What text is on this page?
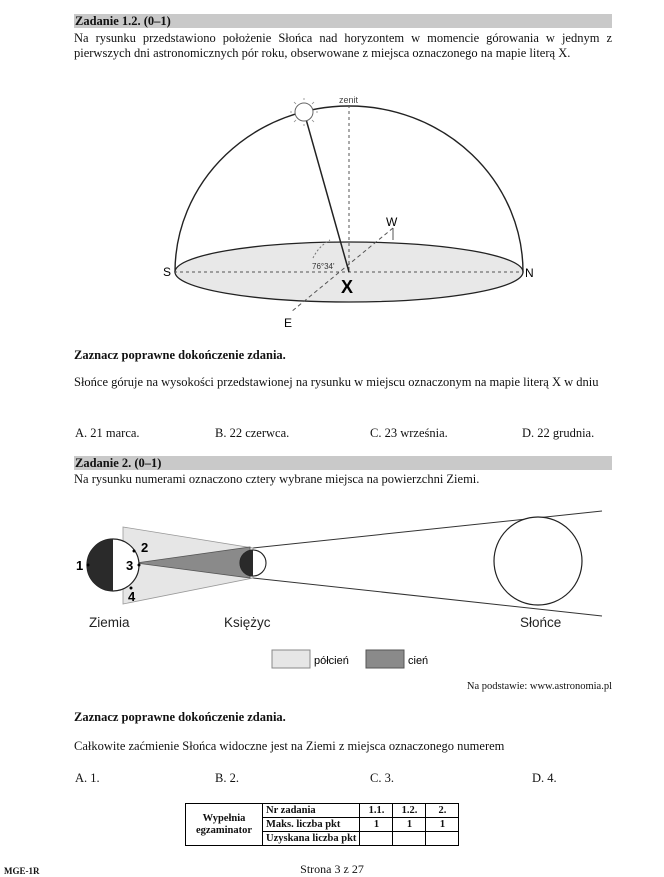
Zadanie 1.2. (0–1)
Na rysunku przedstawiono położenie Słońca nad horyzontem w momencie górowania w jednym z pierwszych dni astronomicznych pór roku, obserwowane z miejsca oznaczonego na mapie literą X.
zenit
S	N
W
E
X
76°34'
Zaznacz poprawne dokończenie zdania.
Słońce góruje na wysokości przedstawionej na rysunku w miejscu oznaczonym na mapie literą X w dniu
A. 21 marca.	B. 22 czerwca.	C. 23 września.	D. 22 grudnia.
Zadanie 2. (0–1)
Na rysunku numerami oznaczono cztery wybrane miejsca na powierzchni Ziemi.
1
2
3
4
Ziemia	Księżyc	Słońce
półcień	cień
Na podstawie: www.astronomia.pl
Zaznacz poprawne dokończenie zdania.
Całkowite zaćmienie Słońca widoczne jest na Ziemi z miejsca oznaczonego numerem
A. 1.	B. 2.	C. 3.	D. 4.
Wypełnia egzaminator	Nr zadania	1.1.	1.2.	2.
	Maks. liczba pkt	1	1	1
	Uzyskana liczba pkt			
MGE-1R	Strona 3 z 27
